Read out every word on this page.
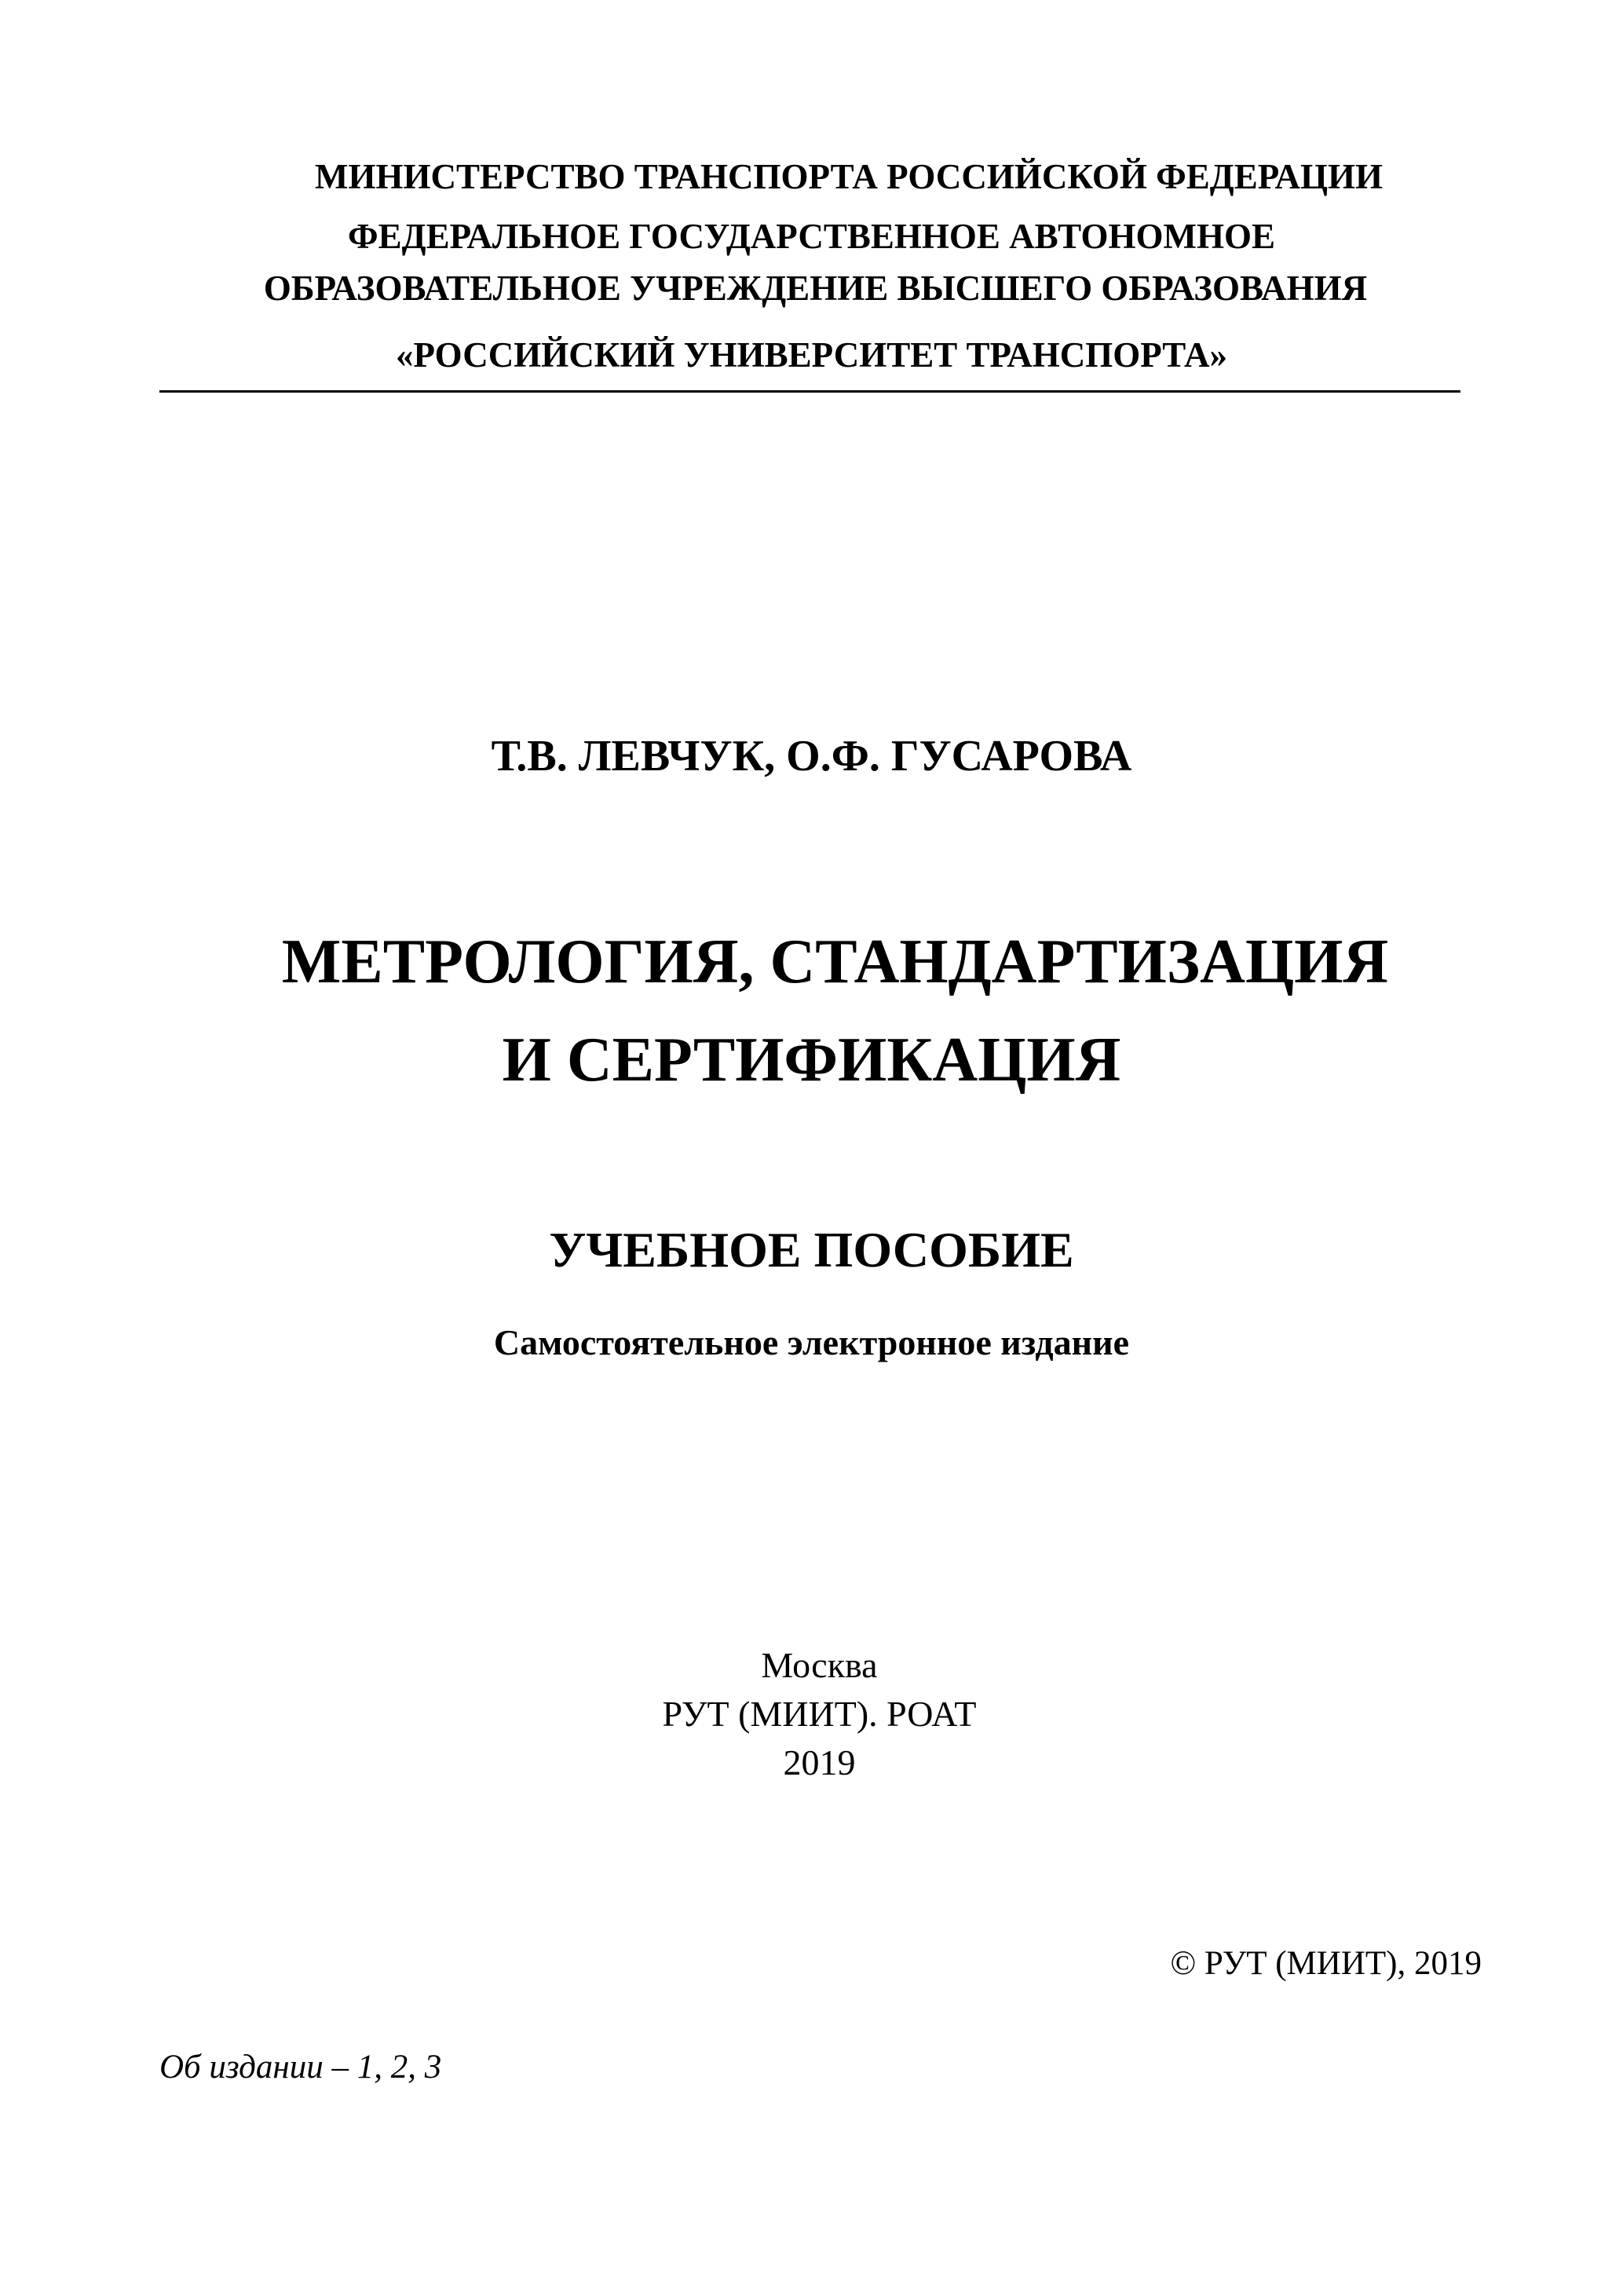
МИНИСТЕРСТВО ТРАНСПОРТА РОССИЙСКОЙ ФЕДЕРАЦИИ
ФЕДЕРАЛЬНОЕ ГОСУДАРСТВЕННОЕ АВТОНОМНОЕ
ОБРАЗОВАТЕЛЬНОЕ УЧРЕЖДЕНИЕ ВЫСШЕГО ОБРАЗОВАНИЯ
«РОССИЙСКИЙ УНИВЕРСИТЕТ ТРАНСПОРТА»
Т.В. ЛЕВЧУК, О.Ф. ГУСАРОВА
МЕТРОЛОГИЯ, СТАНДАРТИЗАЦИЯ
И СЕРТИФИКАЦИЯ
УЧЕБНОЕ ПОСОБИЕ
Самостоятельное электронное издание
Москва
РУТ (МИИТ). РОАТ
2019
© РУТ (МИИТ), 2019
Об издании – 1, 2, 3
